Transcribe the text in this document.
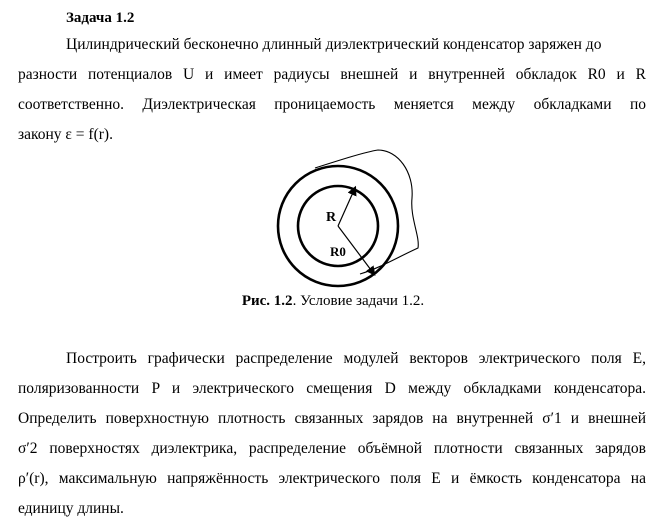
Задача 1.2
Цилиндрический бесконечно длинный диэлектрический конденсатор заряжен до
разности потенциалов U и имеет радиусы внешней и внутренней обкладок R0 и R
соответственно. Диэлектрическая проницаемость меняется между обкладками по
закону ε = f(r).
R
R0
Рис. 1.2. Условие задачи 1.2.
Построить графически распределение модулей векторов электрического поля E,
поляризованности P и электрического смещения D между обкладками конденсатора.
Определить поверхностную плотность связанных зарядов на внутренней σ′1 и внешней
σ′2 поверхностях диэлектрика, распределение объёмной плотности связанных зарядов
ρ′(r), максимальную напряжённость электрического поля E и ёмкость конденсатора на
единицу длины.
